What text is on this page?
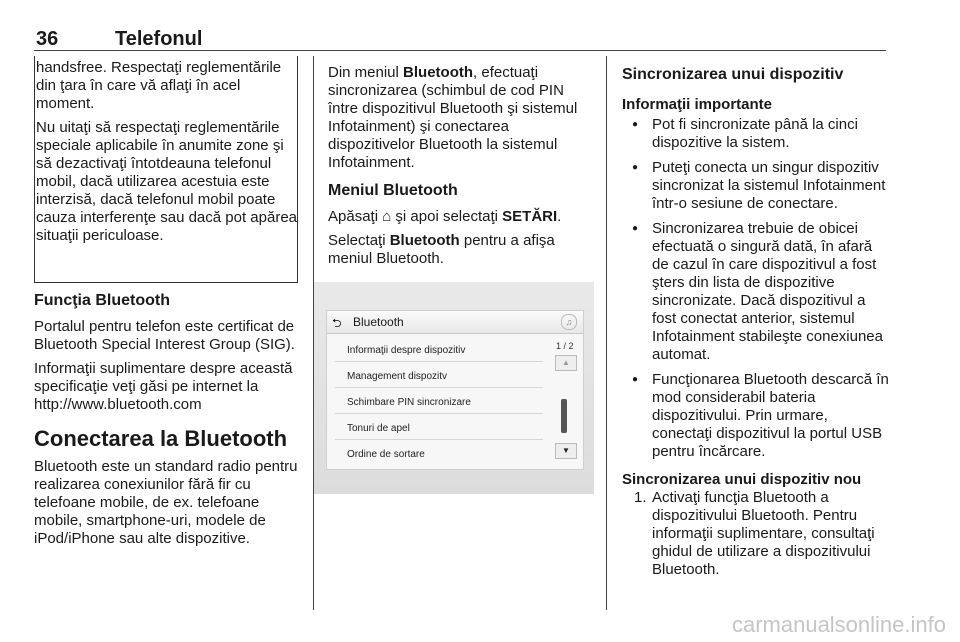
36	Telefonul

handsfree. Respectaţi reglementările din ţara în care vă aflaţi în acel moment.

Nu uitaţi să respectaţi reglementările speciale aplicabile în anumite zone şi să dezactivaţi întotdeauna telefonul mobil, dacă utilizarea acestuia este interzisă, dacă telefonul mobil poate cauza interferenţe sau dacă pot apărea situaţii periculoase.

Funcţia Bluetooth

Portalul pentru telefon este certificat de Bluetooth Special Interest Group (SIG).

Informaţii suplimentare despre această specificaţie veţi găsi pe internet la http://www.bluetooth.com

Conectarea la Bluetooth

Bluetooth este un standard radio pentru realizarea conexiunilor fără fir cu telefoane mobile, de ex. telefoane mobile, smartphone-uri, modele de iPod/iPhone sau alte dispozitive.

Din meniul Bluetooth, efectuaţi sincronizarea (schimbul de cod PIN între dispozitivul Bluetooth şi sistemul Infotainment) şi conectarea dispozitivelor Bluetooth la sistemul Infotainment.

Meniul Bluetooth

Apăsaţi ⌂ şi apoi selectaţi SETĂRI.

Selectaţi Bluetooth pentru a afişa meniul Bluetooth.

⮌ Bluetooth	♫
Informaţii despre dispozitiv
Management dispozitv
Schimbare PIN sincronizare
Tonuri de apel
Ordine de sortare
1 / 2
▲
▼
Sincronizarea unui dispozitiv

Informaţii importante

● Pot fi sincronizate până la cinci dispozitive la sistem.
● Puteţi conecta un singur dispozitiv sincronizat la sistemul Infotainment într-o sesiune de conectare.
● Sincronizarea trebuie de obicei efectuată o singură dată, în afară de cazul în care dispozitivul a fost şters din lista de dispozitive sincronizate. Dacă dispozitivul a fost conectat anterior, sistemul Infotainment stabileşte conexiunea automat.
● Funcţionarea Bluetooth descarcă în mod considerabil bateria dispozitivului. Prin urmare, conectaţi dispozitivul la portul USB pentru încărcare.

Sincronizarea unui dispozitiv nou

1. Activaţi funcţia Bluetooth a dispozitivului Bluetooth. Pentru informaţii suplimentare, consultaţi ghidul de utilizare a dispozitivului Bluetooth.
carmanualsonline.info
